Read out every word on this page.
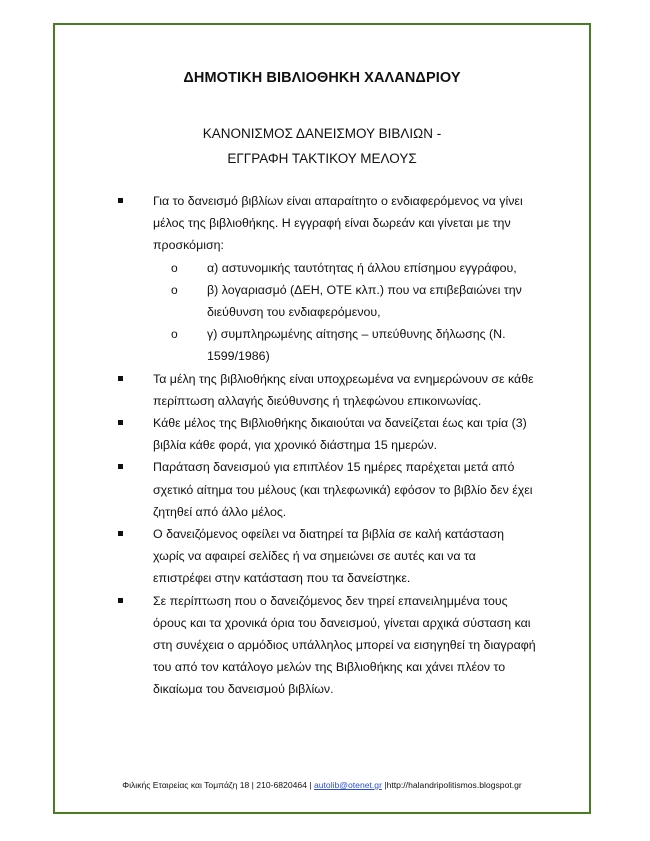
ΔΗΜΟΤΙΚΗ ΒΙΒΛΙΟΘΗΚΗ ΧΑΛΑΝΔΡΙΟΥ
ΚΑΝΟΝΙΣΜΟΣ ΔΑΝΕΙΣΜΟΥ ΒΙΒΛΙΩΝ -
ΕΓΓΡΑΦΗ ΤΑΚΤΙΚΟΥ ΜΕΛΟΥΣ
Για το δανεισμό βιβλίων είναι απαραίτητο ο ενδιαφερόμενος να γίνει μέλος της βιβλιοθήκης. Η εγγραφή είναι δωρεάν και γίνεται με την προσκόμιση:
o α) αστυνομικής ταυτότητας ή άλλου επίσημου εγγράφου,
o β) λογαριασμό (ΔΕΗ, ΟΤΕ κλπ.) που να επιβεβαιώνει την διεύθυνση του ενδιαφερόμενου,
o γ) συμπληρωμένης αίτησης – υπεύθυνης δήλωσης (Ν. 1599/1986)
Τα μέλη της βιβλιοθήκης είναι υποχρεωμένα να ενημερώνουν σε κάθε περίπτωση αλλαγής διεύθυνσης ή τηλεφώνου επικοινωνίας.
Κάθε μέλος της Βιβλιοθήκης δικαιούται να δανείζεται έως και τρία (3) βιβλία κάθε φορά, για χρονικό διάστημα 15 ημερών.
Παράταση δανεισμού για επιπλέον 15 ημέρες παρέχεται μετά από σχετικό αίτημα του μέλους (και τηλεφωνικά) εφόσον το βιβλίο δεν έχει ζητηθεί από άλλο μέλος.
Ο δανειζόμενος οφείλει να διατηρεί τα βιβλία σε καλή κατάσταση χωρίς να αφαιρεί σελίδες ή να σημειώνει σε αυτές και να τα επιστρέφει στην κατάσταση που τα δανείστηκε.
Σε περίπτωση που ο δανειζόμενος δεν τηρεί επανειλημμένα τους όρους και τα χρονικά όρια του δανεισμού, γίνεται αρχικά σύσταση και στη συνέχεια ο αρμόδιος υπάλληλος μπορεί να εισηγηθεί τη διαγραφή του από τον κατάλογο μελών της Βιβλιοθήκης και χάνει πλέον το δικαίωμα του δανεισμού βιβλίων.
Φιλικής Εταιρείας και Τομπάζη 18 | 210-6820464 | autolib@otenet.gr |http://halandripolitismos.blogspot.gr
